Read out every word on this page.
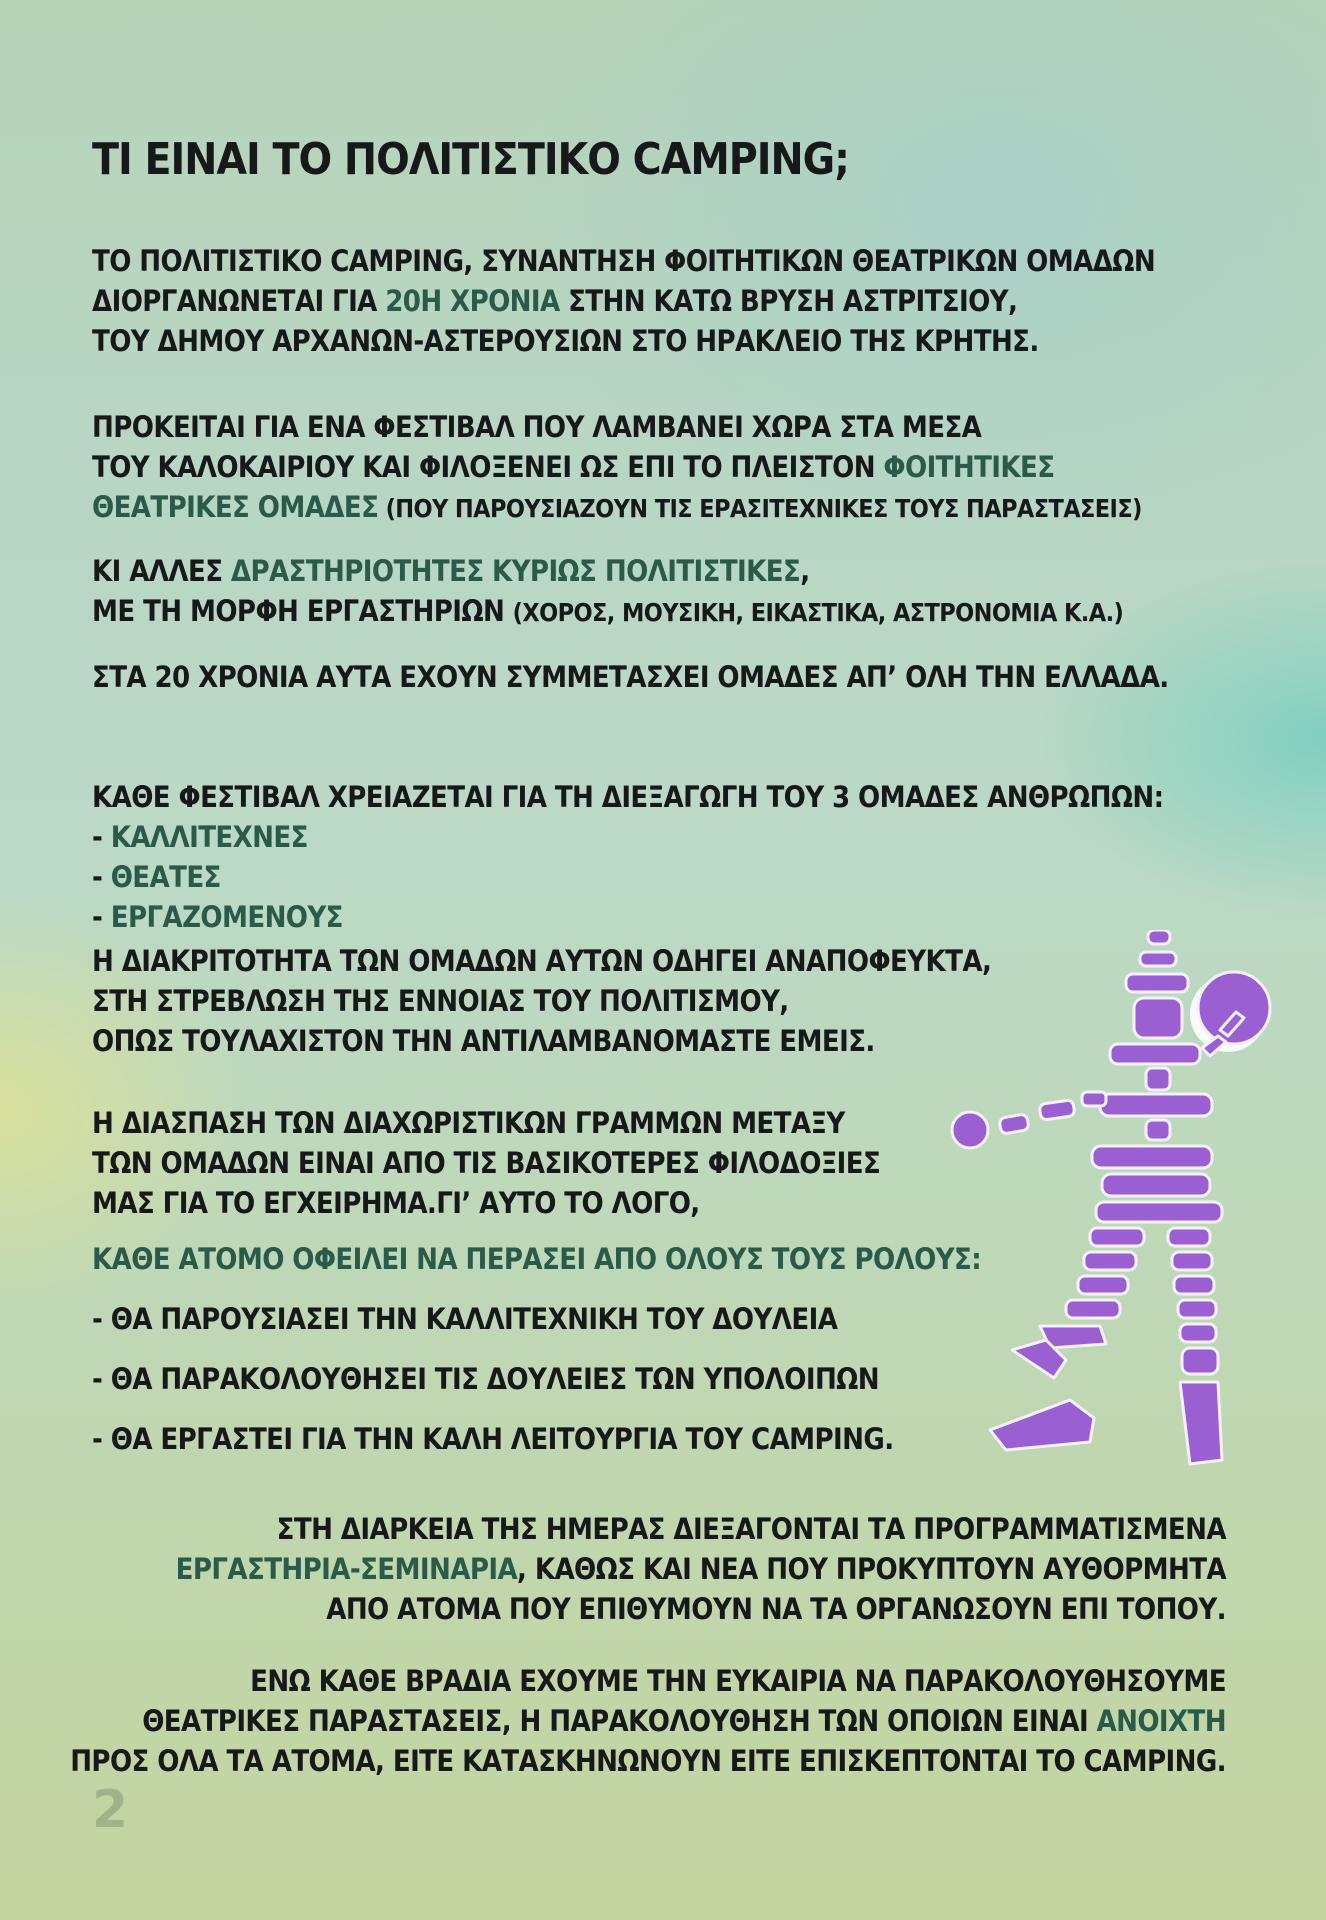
ΤΙ ΕΙΝΑΙ ΤΟ ΠΟΛΙΤΙΣΤΙΚΟ CAMPING;

ΤΟ ΠΟΛΙΤΙΣΤΙΚΟ CAMPING, ΣΥΝΑΝΤΗΣΗ ΦΟΙΤΗΤΙΚΩΝ ΘΕΑΤΡΙΚΩΝ ΟΜΑΔΩΝ

ΔΙΟΡΓΑΝΩΝΕΤΑΙ ΓΙΑ 20Η ΧΡΟΝΙΑ ΣΤΗΝ ΚΑΤΩ ΒΡΥΣΗ ΑΣΤΡΙΤΣΙΟΥ,

ΤΟΥ ΔΗΜΟΥ ΑΡΧΑΝΩΝ-ΑΣΤΕΡΟΥΣΙΩΝ ΣΤΟ ΗΡΑΚΛΕΙΟ ΤΗΣ ΚΡΗΤΗΣ.

ΠΡΟΚΕΙΤΑΙ ΓΙΑ ΕΝΑ ΦΕΣΤΙΒΑΛ ΠΟΥ ΛΑΜΒΑΝΕΙ ΧΩΡΑ ΣΤΑ ΜΕΣΑ

ΤΟΥ ΚΑΛΟΚΑΙΡΙΟΥ ΚΑΙ ΦΙΛΟΞΕΝΕΙ ΩΣ ΕΠΙ ΤΟ ΠΛΕΙΣΤΟΝ ΦΟΙΤΗΤΙΚΕΣ

ΘΕΑΤΡΙΚΕΣ ΟΜΑΔΕΣ (ΠΟΥ ΠΑΡΟΥΣΙΑΖΟΥΝ ΤΙΣ ΕΡΑΣΙΤΕΧΝΙΚΕΣ ΤΟΥΣ ΠΑΡΑΣΤΑΣΕΙΣ)

ΚΙ ΑΛΛΕΣ ΔΡΑΣΤΗΡΙΟΤΗΤΕΣ ΚΥΡΙΩΣ ΠΟΛΙΤΙΣΤΙΚΕΣ,

ΜΕ ΤΗ ΜΟΡΦΗ ΕΡΓΑΣΤΗΡΙΩΝ (ΧΟΡΟΣ, ΜΟΥΣΙΚΗ, ΕΙΚΑΣΤΙΚΑ, ΑΣΤΡΟΝΟΜΙΑ Κ.Α.)

ΣΤΑ 20 ΧΡΟΝΙΑ ΑΥΤΑ ΕΧΟΥΝ ΣΥΜΜΕΤΑΣΧΕΙ ΟΜΑΔΕΣ ΑΠ’ ΟΛΗ ΤΗΝ ΕΛΛΑΔΑ.

ΚΑΘΕ ΦΕΣΤΙΒΑΛ ΧΡΕΙΑΖΕΤΑΙ ΓΙΑ ΤΗ ΔΙΕΞΑΓΩΓΗ ΤΟΥ 3 ΟΜΑΔΕΣ ΑΝΘΡΩΠΩΝ:

- ΚΑΛΛΙΤΕΧΝΕΣ

- ΘΕΑΤΕΣ

- ΕΡΓΑΖΟΜΕΝΟΥΣ

Η ΔΙΑΚΡΙΤΟΤΗΤΑ ΤΩΝ ΟΜΑΔΩΝ ΑΥΤΩΝ ΟΔΗΓΕΙ ΑΝΑΠΟΦΕΥΚΤΑ,

ΣΤΗ ΣΤΡΕΒΛΩΣΗ ΤΗΣ ΕΝΝΟΙΑΣ ΤΟΥ ΠΟΛΙΤΙΣΜΟΥ,

ΟΠΩΣ ΤΟΥΛΑΧΙΣΤΟΝ ΤΗΝ ΑΝΤΙΛΑΜΒΑΝΟΜΑΣΤΕ ΕΜΕΙΣ.

Η ΔΙΑΣΠΑΣΗ ΤΩΝ ΔΙΑΧΩΡΙΣΤΙΚΩΝ ΓΡΑΜΜΩΝ ΜΕΤΑΞΥ

ΤΩΝ ΟΜΑΔΩΝ ΕΙΝΑΙ ΑΠΟ ΤΙΣ ΒΑΣΙΚΟΤΕΡΕΣ ΦΙΛΟΔΟΞΙΕΣ

ΜΑΣ ΓΙΑ ΤΟ ΕΓΧΕΙΡΗΜΑ.ΓΙ’ ΑΥΤΟ ΤΟ ΛΟΓΟ,

ΚΑΘΕ ΑΤΟΜΟ ΟΦΕΙΛΕΙ ΝΑ ΠΕΡΑΣΕΙ ΑΠΟ ΟΛΟΥΣ ΤΟΥΣ ΡΟΛΟΥΣ:

- ΘΑ ΠΑΡΟΥΣΙΑΣΕΙ ΤΗΝ ΚΑΛΛΙΤΕΧΝΙΚΗ ΤΟΥ ΔΟΥΛΕΙΑ

- ΘΑ ΠΑΡΑΚΟΛΟΥΘΗΣΕΙ ΤΙΣ ΔΟΥΛΕΙΕΣ ΤΩΝ ΥΠΟΛΟΙΠΩΝ

- ΘΑ ΕΡΓΑΣΤΕΙ ΓΙΑ ΤΗΝ ΚΑΛΗ ΛΕΙΤΟΥΡΓΙΑ ΤΟΥ CAMPING.

ΣΤΗ ΔΙΑΡΚΕΙΑ ΤΗΣ ΗΜΕΡΑΣ ΔΙΕΞΑΓΟΝΤΑΙ ΤΑ ΠΡΟΓΡΑΜΜΑΤΙΣΜΕΝΑ

ΕΡΓΑΣΤΗΡΙΑ-ΣΕΜΙΝΑΡΙΑ, ΚΑΘΩΣ ΚΑΙ ΝΕΑ ΠΟΥ ΠΡΟΚΥΠΤΟΥΝ ΑΥΘΟΡΜΗΤΑ

ΑΠΟ ΑΤΟΜΑ ΠΟΥ ΕΠΙΘΥΜΟΥΝ ΝΑ ΤΑ ΟΡΓΑΝΩΣΟΥΝ ΕΠΙ ΤΟΠΟΥ.

ΕΝΩ ΚΑΘΕ ΒΡΑΔΙΑ ΕΧΟΥΜΕ ΤΗΝ ΕΥΚΑΙΡΙΑ ΝΑ ΠΑΡΑΚΟΛΟΥΘΗΣΟΥΜΕ

ΘΕΑΤΡΙΚΕΣ ΠΑΡΑΣΤΑΣΕΙΣ, Η ΠΑΡΑΚΟΛΟΥΘΗΣΗ ΤΩΝ ΟΠΟΙΩΝ ΕΙΝΑΙ ΑΝΟΙΧΤΗ

ΠΡΟΣ ΟΛΑ ΤΑ ΑΤΟΜΑ, ΕΙΤΕ ΚΑΤΑΣΚΗΝΩΝΟΥΝ ΕΙΤΕ ΕΠΙΣΚΕΠΤΟΝΤΑΙ ΤΟ CAMPING.

2
